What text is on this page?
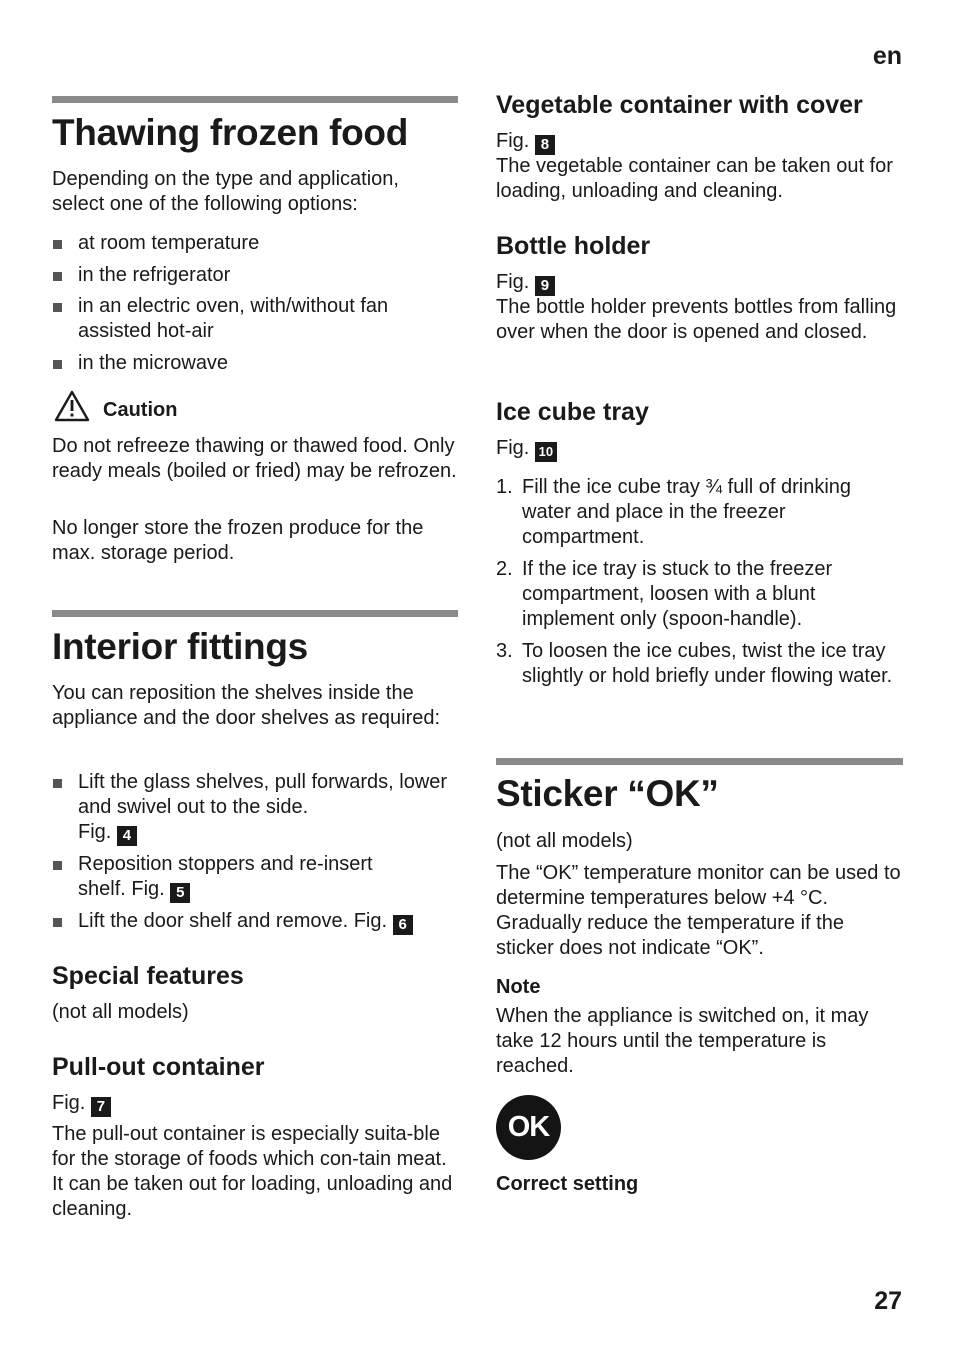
en
27
Thawing frozen food

Depending on the type and application, select one of the following options:

at room temperature
in the refrigerator
in an electric oven, with/without fan assisted hot-air
in the microwave
Caution

Do not refreeze thawing or thawed food. Only ready meals (boiled or fried) may be refrozen.

No longer store the frozen produce for the max. storage period.

Interior fittings

You can reposition the shelves inside the appliance and the door shelves as required:

Lift the glass shelves, pull forwards, lower and swivel out to the side.
Fig. 4
Reposition stoppers and re-insert shelf. Fig. 5
Lift the door shelf and remove. Fig. 6
Special features

(not all models)

Pull-out container

Fig. 7

The pull-out container is especially suita-ble for the storage of foods which con-tain meat. It can be taken out for loading, unloading and cleaning.

Vegetable container with cover

Fig. 8

The vegetable container can be taken out for loading, unloading and cleaning.

Bottle holder

Fig. 9

The bottle holder prevents bottles from falling over when the door is opened and closed.

Ice cube tray

Fig. 10

1. Fill the ice cube tray ¾ full of drinking water and place in the freezer compartment.
2. If the ice tray is stuck to the freezer compartment, loosen with a blunt implement only (spoon-handle).
3. To loosen the ice cubes, twist the ice tray slightly or hold briefly under flowing water.
Sticker “OK”

(not all models)

The “OK” temperature monitor can be used to determine temperatures below +4 °C. Gradually reduce the temperature if the sticker does not indicate “OK”.

Note

When the appliance is switched on, it may take 12 hours until the temperature is reached.

OK
Correct setting
